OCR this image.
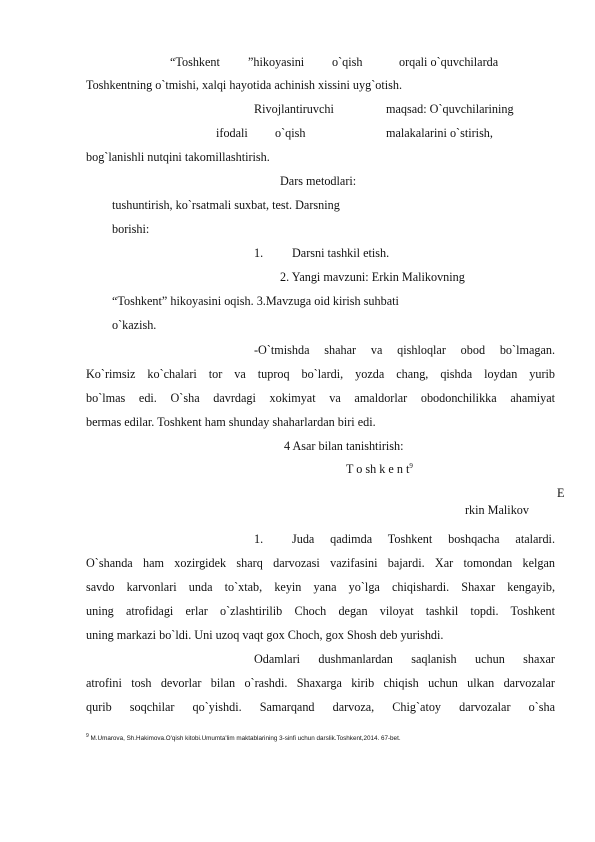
“Toshkent ”hikoyasini o`qish	orqali o`quvchilarda
Toshkentning o`tmishi, xalqi hayotida achinish xissini uyg`otish.
Rivojlantiruvchi	maqsad: O`quvchilarining
ifodali o`qish	malakalarini o`stirish,
bog`lanishli nutqini takomillashtirish.
Dars metodlari:
tushuntirish, ko`rsatmali suxbat, test. Darsning
borishi:
1. Darsni tashkil etish.
2. Yangi mavzuni: Erkin Malikovning
“Toshkent” hikoyasini oqish. 3.Mavzuga oid kirish suhbati
o`kazish.
-O`tmishda shahar va qishloqlar obod bo`lmagan.
Ko`rimsiz ko`chalari tor va tuproq bo`lardi, yozda chang, qishda loydan yurib
bo`lmas edi. O`sha davrdagi xokimyat va amaldorlar obodonchilikka ahamiyat
bermas edilar. Toshkent ham shunday shaharlardan biri edi.
4 Asar bilan tanishtirish:
T o sh k e n $t^9$
E
rkin Malikov
1. Juda qadimda Toshkent boshqacha atalardi.
O`shanda ham xozirgidek sharq darvozasi vazifasini bajardi. Xar tomondan kelgan
savdo karvonlari unda to`xtab, keyin yana yo`lga chiqishardi. Shaxar kengayib,
uning atrofidagi erlar o`zlashtirilib Choch degan viloyat tashkil topdi. Toshkent
uning markazi bo`ldi. Uni uzoq vaqt gox Choch, gox Shosh deb yurishdi.
Odamlari dushmanlardan saqlanish uchun shaxar
atrofini tosh devorlar bilan o`rashdi. Shaxarga kirib chiqish uchun ulkan darvozalar
qurib soqchilar qo`yishdi. Samarqand darvoza, Chig`atoy darvozalar o`sha
$^9$ M.Umarova, Sh.Hakimova.O'qish kitobi.Umumta'lim maktablarining 3-sinfi uchun darslik.Toshkent,2014. 67-bet.
